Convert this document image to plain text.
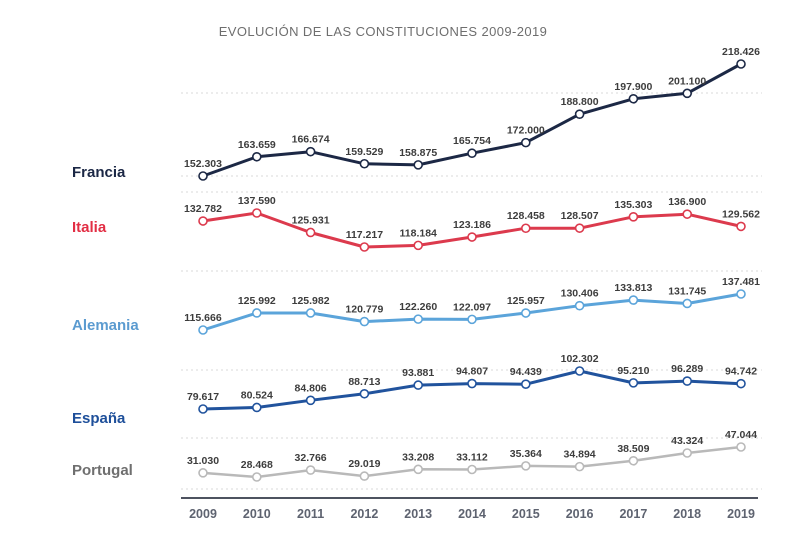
EVOLUCIÓN DE LAS CONSTITUCIONES 2009-2019
2009 2010 2011 2012 2013 2014 2015 2016 2017 2018 2019
152.303
163.659 166.674
159.529 158.875
165.754
172.000
188.800
197.900 201.100
218.426
Francia
132.782
137.590
125.931
117.217 118.184
123.186
128.458 128.507
135.303 136.900
129.562
Italia
115.666
125.992 125.982
120.779 122.260 122.097
125.957
130.406 133.813 131.745
137.481
Alemania
79.617 80.524
84.806
88.713
93.881 94.807 94.439
102.302
95.210 96.289 94.742
España
31.030 28.468
32.766
29.019
33.208 33.112 35.364 34.894 38.509
43.324
47.044
Portugal
